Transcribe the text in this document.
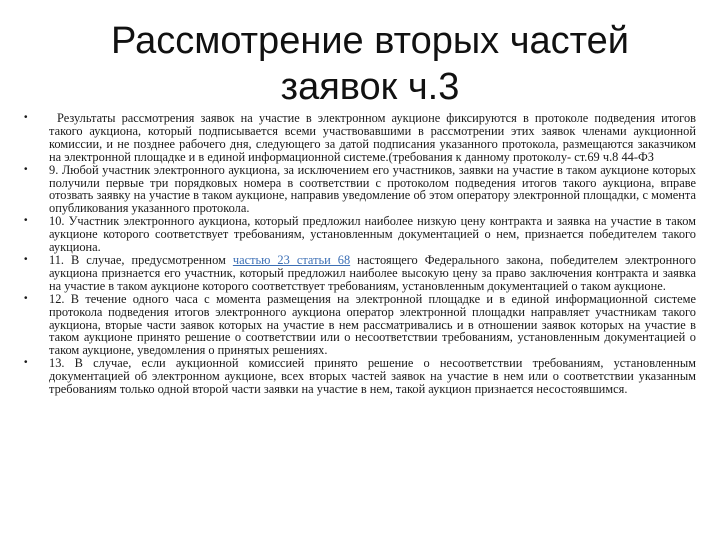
Рассмотрение вторых частей
заявок ч.3
•	Результаты рассмотрения заявок на участие в электронном аукционе фиксируются в протоколе подведения итогов такого аукциона, который подписывается всеми участвовавшими в рассмотрении этих заявок членами аукционной комиссии, и не позднее рабочего дня, следующего за датой подписания указанного протокола, размещаются заказчиком на электронной площадке и в единой информационной системе.(требования к данному протоколу- ст.69 ч.8 44-ФЗ
•	9. Любой участник электронного аукциона, за исключением его участников, заявки на участие в таком аукционе которых получили первые три порядковых номера в соответствии с протоколом подведения итогов такого аукциона, вправе отозвать заявку на участие в таком аукционе, направив уведомление об этом оператору электронной площадки, с момента опубликования указанного протокола.
•	10. Участник электронного аукциона, который предложил наиболее низкую цену контракта и заявка на участие в таком аукционе которого соответствует требованиям, установленным документацией о нем, признается победителем такого аукциона.
•	11. В случае, предусмотренном частью 23 статьи 68 настоящего Федерального закона, победителем электронного аукциона признается его участник, который предложил наиболее высокую цену за право заключения контракта и заявка на участие в таком аукционе которого соответствует требованиям, установленным документацией о таком аукционе.
•	12. В течение одного часа с момента размещения на электронной площадке и в единой информационной системе протокола подведения итогов электронного аукциона оператор электронной площадки направляет участникам такого аукциона, вторые части заявок которых на участие в нем рассматривались и в отношении заявок которых на участие в таком аукционе принято решение о соответствии или о несоответствии требованиям, установленным документацией о таком аукционе, уведомления о принятых решениях.
•	13. В случае, если аукционной комиссией принято решение о несоответствии требованиям, установленным документацией об электронном аукционе, всех вторых частей заявок на участие в нем или о соответствии указанным требованиям только одной второй части заявки на участие в нем, такой аукцион признается несостоявшимся.
